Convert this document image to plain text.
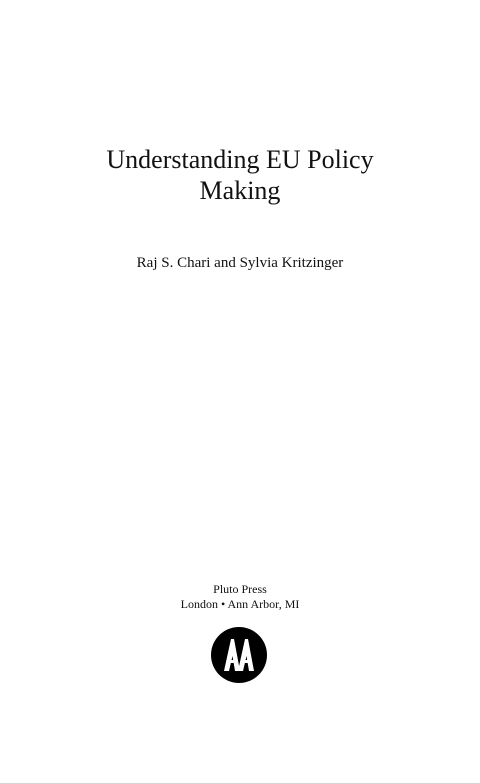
Understanding EU Policy
Making
Raj S. Chari and Sylvia Kritzinger
Pluto Press
London • Ann Arbor, MI
